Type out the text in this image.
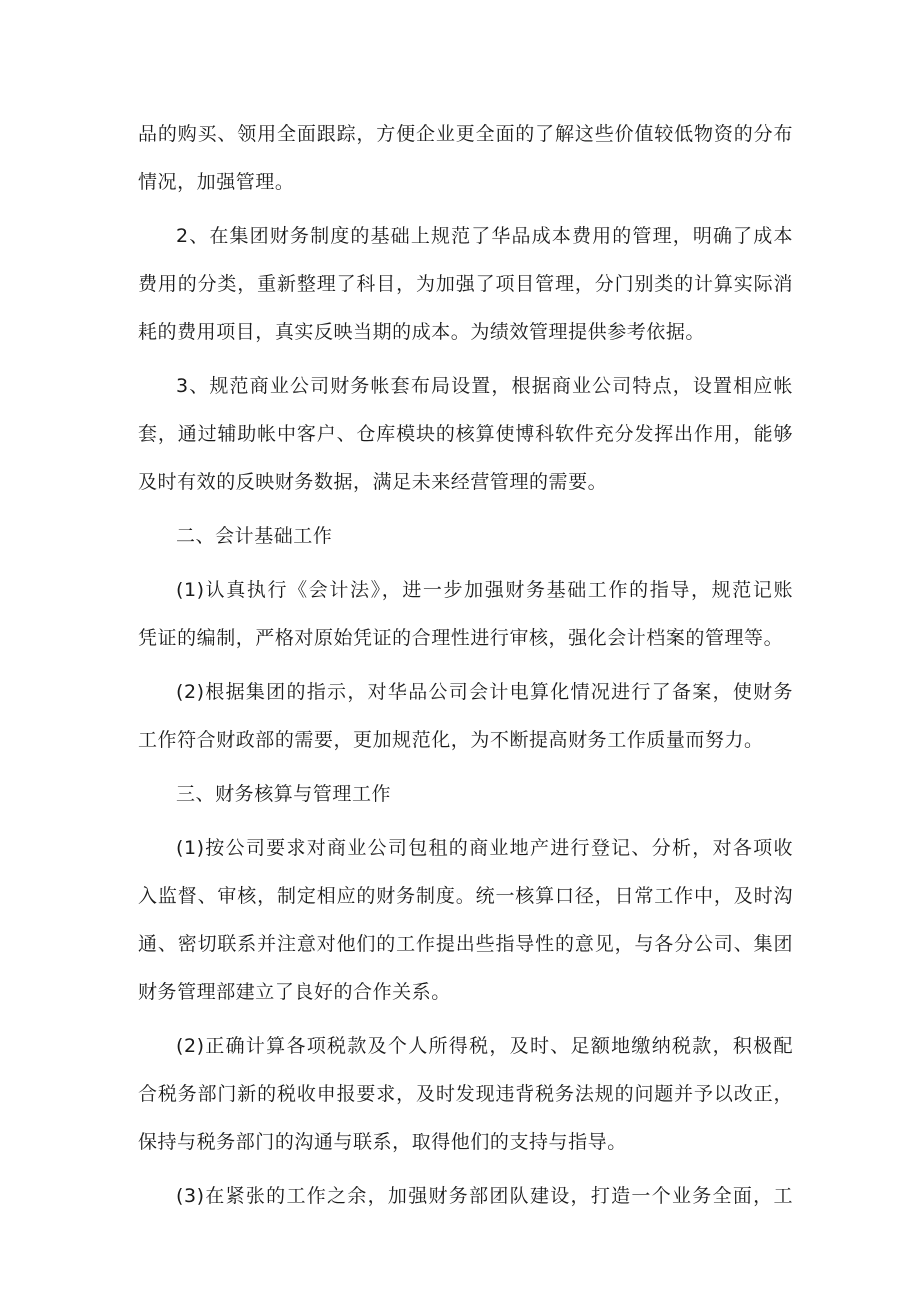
品的购买、领用全面跟踪，方便企业更全面的了解这些价值较低物资的分布
情况，加强管理。
2、在集团财务制度的基础上规范了华品成本费用的管理，明确了成本
费用的分类，重新整理了科目，为加强了项目管理，分门别类的计算实际消
耗的费用项目，真实反映当期的成本。为绩效管理提供参考依据。
3、规范商业公司财务帐套布局设置，根据商业公司特点，设置相应帐
套，通过辅助帐中客户、仓库模块的核算使博科软件充分发挥出作用，能够
及时有效的反映财务数据，满足未来经营管理的需要。
二、会计基础工作
(1)认真执行《会计法》，进一步加强财务基础工作的指导，规范记账
凭证的编制，严格对原始凭证的合理性进行审核，强化会计档案的管理等。
(2)根据集团的指示，对华品公司会计电算化情况进行了备案，使财务
工作符合财政部的需要，更加规范化，为不断提高财务工作质量而努力。
三、财务核算与管理工作
(1)按公司要求对商业公司包租的商业地产进行登记、分析，对各项收
入监督、审核，制定相应的财务制度。统一核算口径，日常工作中，及时沟
通、密切联系并注意对他们的工作提出些指导性的意见，与各分公司、集团
财务管理部建立了良好的合作关系。
(2)正确计算各项税款及个人所得税，及时、足额地缴纳税款，积极配
合税务部门新的税收申报要求，及时发现违背税务法规的问题并予以改正，
保持与税务部门的沟通与联系，取得他们的支持与指导。
(3)在紧张的工作之余，加强财务部团队建设，打造一个业务全面，工
